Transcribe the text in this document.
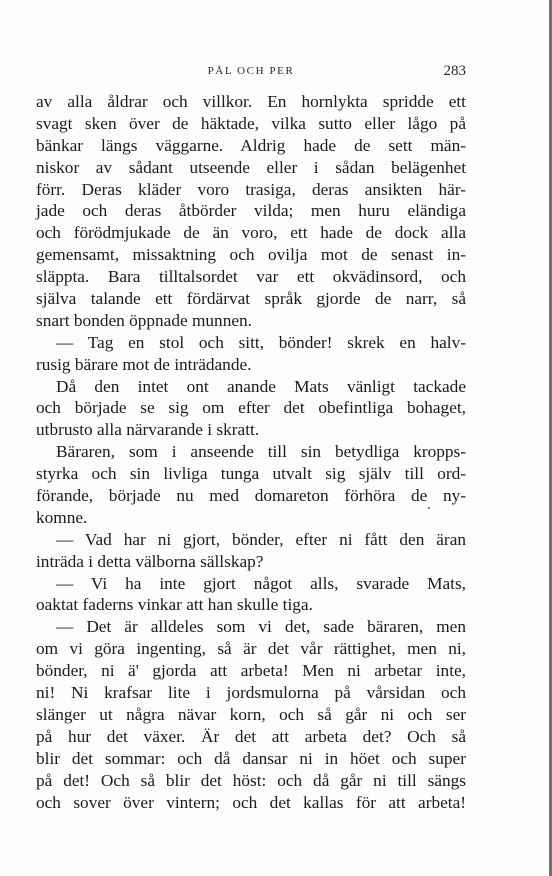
PÅL OCH PER	283
av alla åldrar och villkor. En hornlykta spridde ett
svagt sken över de häktade, vilka sutto eller lågo på
bänkar längs väggarne. Aldrig hade de sett män-
niskor av sådant utseende eller i sådan belägenhet
förr. Deras kläder voro trasiga, deras ansikten här-
jade och deras åtbörder vilda; men huru eländiga
och förödmjukade de än voro, ett hade de dock alla
gemensamt, missaktning och ovilja mot de senast in-
släppta. Bara tilltalsordet var ett okvädinsord, och
själva talande ett fördärvat språk gjorde de narr, så
snart bonden öppnade munnen.
— Tag en stol och sitt, bönder! skrek en halv-
rusig bärare mot de inträdande.
Då den intet ont anande Mats vänligt tackade
och började se sig om efter det obefintliga bohaget,
utbrusto alla närvarande i skratt.
Bäraren, som i anseende till sin betydliga kropps-
styrka och sin livliga tunga utvalt sig själv till ord-
förande, började nu med domareton förhöra de ny-
komne.
— Vad har ni gjort, bönder, efter ni fått den äran
inträda i detta välborna sällskap?
— Vi ha inte gjort något alls, svarade Mats,
oaktat faderns vinkar att han skulle tiga.
— Det är alldeles som vi det, sade bäraren, men
om vi göra ingenting, så är det vår rättighet, men ni,
bönder, ni ä' gjorda att arbeta! Men ni arbetar inte,
ni! Ni krafsar lite i jordsmulorna på vårsidan och
slänger ut några nävar korn, och så går ni och ser
på hur det växer. Är det att arbeta det? Och så
blir det sommar: och då dansar ni in höet och super
på det! Och så blir det höst: och då går ni till sängs
och sover över vintern; och det kallas för att arbeta!
